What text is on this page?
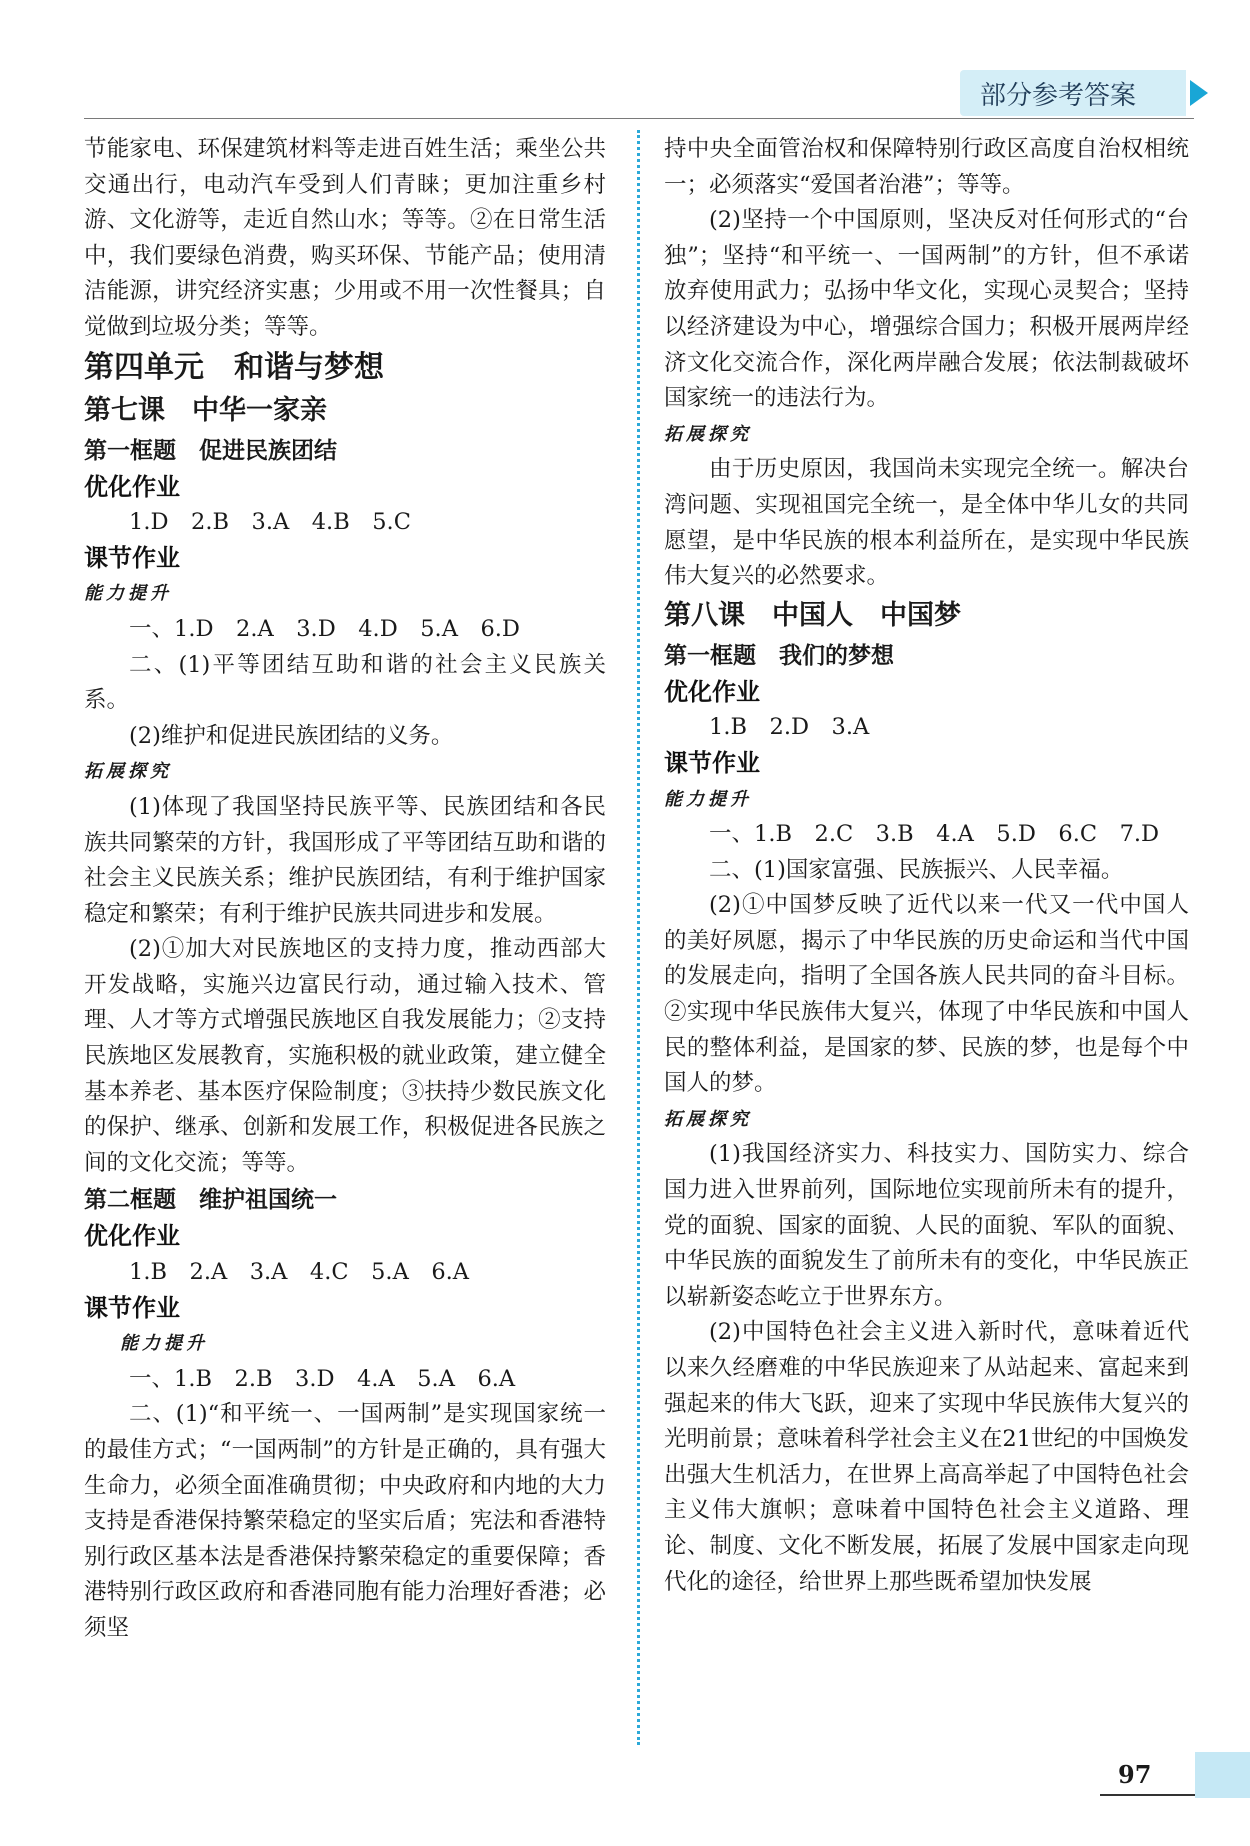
部分参考答案

节能家电、环保建筑材料等走进百姓生活；乘坐公共交通出行，电动汽车受到人们青睐；更加注重乡村游、文化游等，走近自然山水；等等。②在日常生活中，我们要绿色消费，购买环保、节能产品；使用清洁能源，讲究经济实惠；少用或不用一次性餐具；自觉做到垃圾分类；等等。

第四单元　和谐与梦想

第七课　中华一家亲

第一框题　促进民族团结

优化作业

1.D　2.B　3.A　4.B　5.C

课节作业

能力提升

一、1.D　2.A　3.D　4.D　5.A　6.D

二、(1)平等团结互助和谐的社会主义民族关系。

(2)维护和促进民族团结的义务。

拓展探究

(1)体现了我国坚持民族平等、民族团结和各民族共同繁荣的方针，我国形成了平等团结互助和谐的社会主义民族关系；维护民族团结，有利于维护国家稳定和繁荣；有利于维护民族共同进步和发展。

(2)①加大对民族地区的支持力度，推动西部大开发战略，实施兴边富民行动，通过输入技术、管理、人才等方式增强民族地区自我发展能力；②支持民族地区发展教育，实施积极的就业政策，建立健全基本养老、基本医疗保险制度；③扶持少数民族文化的保护、继承、创新和发展工作，积极促进各民族之间的文化交流；等等。

第二框题　维护祖国统一

优化作业

1.B　2.A　3.A　4.C　5.A　6.A

课节作业

能力提升

一、1.B　2.B　3.D　4.A　5.A　6.A

二、(1)“和平统一、一国两制”是实现国家统一的最佳方式；“一国两制”的方针是正确的，具有强大生命力，必须全面准确贯彻；中央政府和内地的大力支持是香港保持繁荣稳定的坚实后盾；宪法和香港特别行政区基本法是香港保持繁荣稳定的重要保障；香港特别行政区政府和香港同胞有能力治理好香港；必须坚

持中央全面管治权和保障特别行政区高度自治权相统一；必须落实“爱国者治港”；等等。

(2)坚持一个中国原则，坚决反对任何形式的“台独”；坚持“和平统一、一国两制”的方针，但不承诺放弃使用武力；弘扬中华文化，实现心灵契合；坚持以经济建设为中心，增强综合国力；积极开展两岸经济文化交流合作，深化两岸融合发展；依法制裁破坏国家统一的违法行为。

拓展探究

由于历史原因，我国尚未实现完全统一。解决台湾问题、实现祖国完全统一，是全体中华儿女的共同愿望，是中华民族的根本利益所在，是实现中华民族伟大复兴的必然要求。

第八课　中国人　中国梦

第一框题　我们的梦想

优化作业

1.B　2.D　3.A

课节作业

能力提升

一、1.B　2.C　3.B　4.A　5.D　6.C　7.D

二、(1)国家富强、民族振兴、人民幸福。

(2)①中国梦反映了近代以来一代又一代中国人的美好夙愿，揭示了中华民族的历史命运和当代中国的发展走向，指明了全国各族人民共同的奋斗目标。②实现中华民族伟大复兴，体现了中华民族和中国人民的整体利益，是国家的梦、民族的梦，也是每个中国人的梦。

拓展探究

(1)我国经济实力、科技实力、国防实力、综合国力进入世界前列，国际地位实现前所未有的提升，党的面貌、国家的面貌、人民的面貌、军队的面貌、中华民族的面貌发生了前所未有的变化，中华民族正以崭新姿态屹立于世界东方。

(2)中国特色社会主义进入新时代，意味着近代以来久经磨难的中华民族迎来了从站起来、富起来到强起来的伟大飞跃，迎来了实现中华民族伟大复兴的光明前景；意味着科学社会主义在21世纪的中国焕发出强大生机活力，在世界上高高举起了中国特色社会主义伟大旗帜；意味着中国特色社会主义道路、理论、制度、文化不断发展，拓展了发展中国家走向现代化的途径，给世界上那些既希望加快发展

97
